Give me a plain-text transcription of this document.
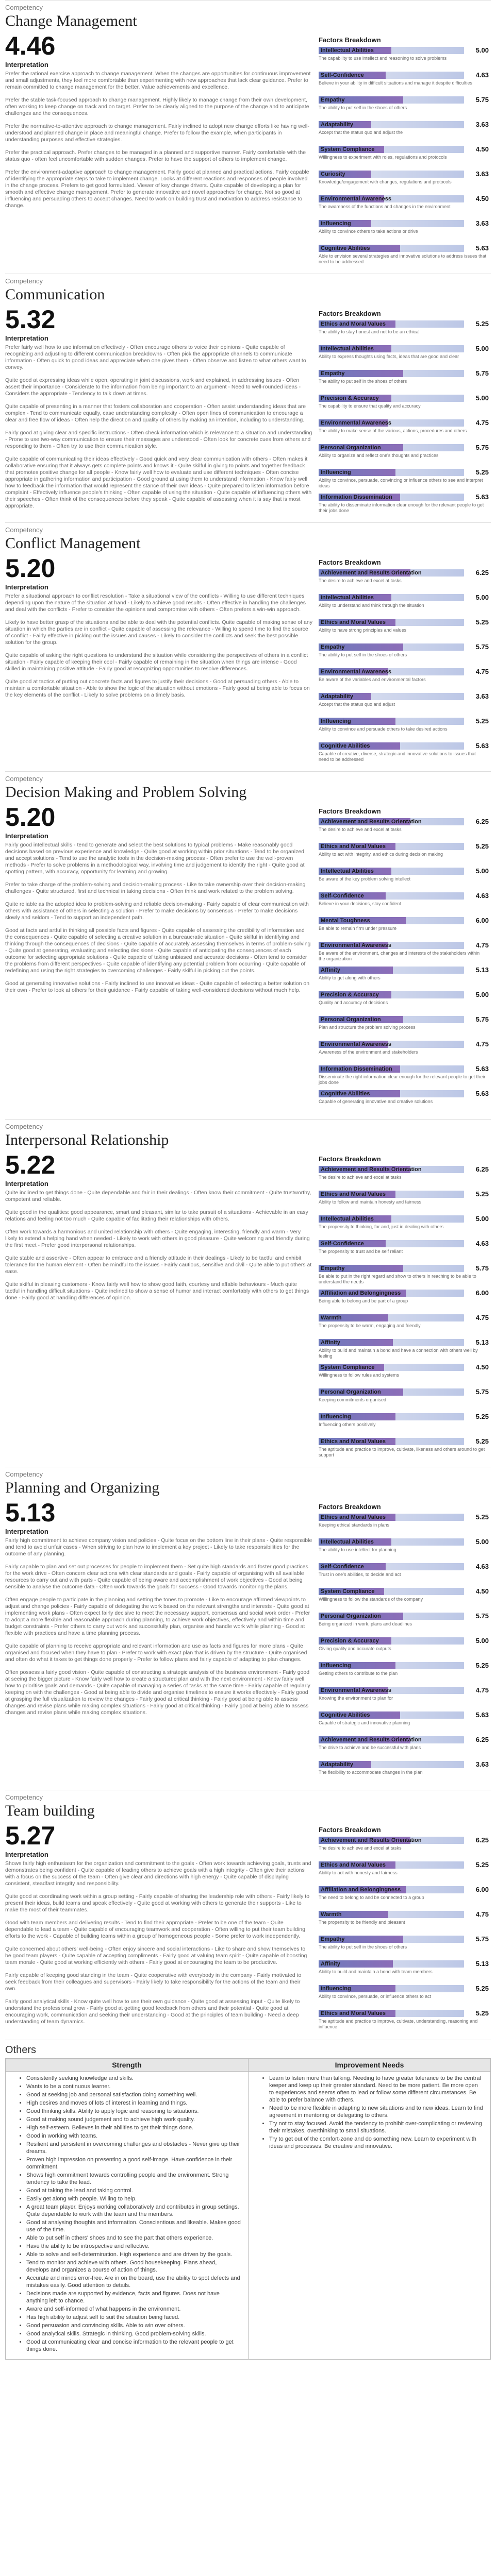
Competency
Change Management
4.46
Interpretation

Prefer the rational exercise approach to change management. When the changes are opportunities for continuous improvement and small adjustments, they feel more comfortable than experimenting with new approaches that lack clear guidance. Prefer to remain committed to change management for the better. Value achievements and excellence.

Prefer the stable task-focused approach to change management. Highly likely to manage change from their own development, often working to keep change on track and on target. Prefer to be clearly aligned to the purpose of the change and to anticipate challenges and the consequences.

Prefer the normative-to-attentive approach to change management. Fairly inclined to adopt new change efforts like having well-understood and planned change in place and meaningful change. Prefer to follow the example, when participants in understanding purposes and effective strategies.

Prefer the practical approach. Prefer changes to be managed in a planned and supportive manner. Fairly comfortable with the status quo - often feel uncomfortable with sudden changes. Prefer to have the support of others to implement change.

Prefer the environment-adaptive approach to change management. Fairly good at planned and practical actions. Fairly capable of identifying the appropriate steps to take to implement change. Looks at different reactions and responses of people involved in the change process. Prefers to get good formulated. Viewer of key change drivers. Quite capable of developing a plan for smooth and effective change management. Prefer to generate innovative and novel approaches for change. Not so good at influencing and persuading others to accept changes. Need to work on building trust and motivation to address resistance to change.

Factors Breakdown
Intellectual Abilities	5.00
The capability to use intellect and reasoning to solve problems
Self-Confidence	4.63
Believe in your ability in difficult situations and manage it despite difficulties
Empathy	5.75
The ability to put self in the shoes of others
Adaptability	3.63
Accept that the status quo and adjust the
System Compliance	4.50
Willingness to experiment with roles, regulations and protocols
Curiosity	3.63
Knowledge/engagement with changes, regulations and protocols
Environmental Awareness	4.50
The awareness of the functions and changes in the environment
Influencing	3.63
Ability to convince others to take actions or drive
Cognitive Abilities	5.63
Able to envision several strategies and innovative solutions to address issues that need to be addressed
Competency
Communication
5.32
Interpretation

Prefer fairly well how to use information effectively - Often encourage others to voice their opinions - Quite capable of recognizing and adjusting to different communication breakdowns - Often pick the appropriate channels to communicate information - Often quick to good ideas and appreciate when one gives them - Often observe and listen to what others want to convey.

Quite good at expressing ideas while open, operating in joint discussions, work and explained, in addressing issues - Often assert their importance - Considerate to the information from being important to an argument - Need to well-rounded ideas - Considers the appropriate - Tendency to talk down at times.

Quite capable of presenting in a manner that fosters collaboration and cooperation - Often assist understanding ideas that are complex - Tend to communicate equally, case understanding complexity - Often open lines of communication to encourage a clear and free flow of ideas - Often help the direction and quality of others by making an intention, including to understanding.

Fairly good at giving clear and specific instructions - Often check information which is relevance to a situation and understanding - Prone to use two-way communication to ensure their messages are understood - Often look for concrete cues from others and responding to them - Often try to use their communication style.

Quite capable of communicating their ideas effectively - Good quick and very clear communication with others - Often makes it collaborative ensuring that it always gets complete points and knows it - Quite skilful in giving to points and together feedback that promotes positive change for all people - Know fairly well how to evaluate and use different techniques - Often concise appropriate in gathering information and participation - Good ground at using them to understand information - Know fairly well how to feedback the information that would represent the stance of their own ideas - Quite prepared to listen information before complaint - Effectively influence people's thinking - Often capable of using the situation - Quite capable of influencing others with their speeches - Often think of the consequences before they speak - Quite capable of assessing when it is say that is most appropriate.

Factors Breakdown
Ethics and Moral Values	5.25
The ability to stay honest and not to be an ethical
Intellectual Abilities	5.00
Ability to express thoughts using facts, ideas that are good and clear
Empathy	5.75
The ability to put self in the shoes of others
Precision & Accuracy	5.00
The capability to ensure that quality and accuracy
Environmental Awareness	4.75
The ability to make sense of the various, actions, procedures and others
Personal Organization	5.75
Ability to organize and reflect one's thoughts and practices
Influencing	5.25
Ability to convince, persuade, convincing or influence others to see and interpret ideas
Information Dissemination	5.63
The ability to disseminate information clear enough for the relevant people to get their jobs done
Competency
Conflict Management
5.20
Interpretation

Prefer a situational approach to conflict resolution - Take a situational view of the conflicts - Willing to use different techniques depending upon the nature of the situation at hand - Likely to achieve good results - Often effective in handling the challenges and deal with the conflicts - Prefer to consider the opinions and compromise with others - Often prefers a win-win approach.

Likely to have better grasp of the situations and be able to deal with the potential conflicts. Quite capable of making sense of any situation in which the parties are in conflict - Quite capable of assessing the relevance - Willing to spend time to find the source of conflict - Fairly effective in picking out the issues and causes - Likely to consider the conflicts and seek the best possible solution for the group.

Quite capable of asking the right questions to understand the situation while considering the perspectives of others in a conflict situation - Fairly capable of keeping their cool - Fairly capable of remaining in the situation when things are intense - Good skilled in maintaining positive attitude - Fairly good at recognizing opportunities to resolve differences.

Quite good at tactics of putting out concrete facts and figures to justify their decisions - Good at persuading others - Able to maintain a comfortable situation - Able to show the logic of the situation without emotions - Fairly good at being able to focus on the key elements of the conflict - Likely to solve problems on a timely basis.

Factors Breakdown
Achievement and Results Orientation	6.25
The desire to achieve and excel at tasks
Intellectual Abilities	5.00
Ability to understand and think through the situation
Ethics and Moral Values	5.25
Ability to have strong principles and values
Empathy	5.75
The ability to put self in the shoes of others
Environmental Awareness	4.75
Be aware of the variables and environmental factors
Adaptability	3.63
Accept that the status quo and adjust
Influencing	5.25
Ability to convince and persuade others to take desired actions
Cognitive Abilities	5.63
Capable of creative, diverse, strategic and innovative solutions to issues that need to be addressed
Competency
Decision Making and Problem Solving
5.20
Interpretation

Fairly good intellectual skills - tend to generate and select the best solutions to typical problems - Make reasonably good decisions based on previous experience and knowledge - Quite good at working within prior situations - Tend to be organized and accept solutions - Tend to use the analytic tools in the decision-making process - Often prefer to use the well-proven methods - Prefer to solve problems in a methodological way, involving time and judgement to identify the right - Quite good at spotting pattern, with accuracy, opportunity for learning and growing.

Prefer to take charge of the problem-solving and decision-making process - Like to take ownership over their decision-making challenges - Quite structured, first and technical in taking decisions - Often think and work related to the problem solving.

Quite reliable as the adopted idea to problem-solving and reliable decision-making - Fairly capable of clear communication with others with assistance of others in selecting a solution - Prefer to make decisions by consensus - Prefer to make decisions slowly and seldom - Tend to support an independent path.

Good at facts and artful in thinking all possible facts and figures - Quite capable of assessing the credibility of information and the consequences - Quite capable of selecting a creative solution in a bureaucratic situation - Quite skilful in identifying and thinking through the consequences of decisions - Quite capable of accurately assessing themselves in terms of problem-solving - Quite good at generating, evaluating and selecting decisions - Quite capable of anticipating the consequences of each outcome for selecting appropriate solutions - Quite capable of taking unbiased and accurate decisions - Often tend to consider the problems from different perspectives - Quite capable of identifying any potential problem from occurring - Quite capable of redefining and using the right strategies to overcoming challenges - Fairly skilful in picking out the points.

Good at generating innovative solutions - Fairly inclined to use innovative ideas - Quite capable of selecting a better solution on their own - Prefer to look at others for their guidance - Fairly capable of taking well-considered decisions without much help.

Factors Breakdown
Achievement and Results Orientation	6.25
The desire to achieve and excel at tasks
Ethics and Moral Values	5.25
Ability to act with integrity, and ethics during decision making
Intellectual Abilities	5.00
Be aware of the key problem solving intellect
Self-Confidence	4.63
Believe in your decisions, stay confident
Mental Toughness	6.00
Be able to remain firm under pressure
Environmental Awareness	4.75
Be aware of the environment, changes and interests of the stakeholders within the organization
Affinity	5.13
Ability to get along with others
Precision & Accuracy	5.00
Quality and accuracy of decisions
Personal Organization	5.75
Plan and structure the problem solving process
Environmental Awareness	4.75
Awareness of the environment and stakeholders
Information Dissemination	5.63
Disseminate the right information clear enough for the relevant people to get their jobs done
Cognitive Abilities	5.63
Capable of generating innovative and creative solutions
Competency
Interpersonal Relationship
5.22
Interpretation

Quite inclined to get things done - Quite dependable and fair in their dealings - Often know their commitment - Quite trustworthy, competent and reliable.

Quite good in the qualities: good appearance, smart and pleasant, similar to take pursuit of a situations - Achievable in an easy relations and feeling not too much - Quite capable of facilitating their relationships with others.

Often work towards a harmonious and united relationship with others - Quite engaging, interesting, friendly and warm - Very likely to extend a helping hand when needed - Likely to work with others in good pleasure - Quite welcoming and friendly during the first meet - Prefer good interpersonal relationships.

Quite stable and assertive - Often appear to embrace and a friendly attitude in their dealings - Likely to be tactful and exhibit tolerance for the human element - Often be mindful to the issues - Fairly cautious, sensitive and civil - Quite able to put others at ease.

Quite skilful in pleasing customers - Know fairly well how to show good faith, courtesy and affable behaviours - Much quite tactful in handling difficult situations - Quite inclined to show a sense of humor and interact comfortably with others to get things done - Fairly good at handling differences of opinion.

Factors Breakdown
Achievement and Results Orientation	6.25
The desire to achieve and excel at tasks
Ethics and Moral Values	5.25
Ability to follow and maintain honesty and fairness
Intellectual Abilities	5.00
The propensity to thinking, for and, just in dealing with others
Self-Confidence	4.63
The propensity to trust and be self reliant
Empathy	5.75
Be able to put in the right regard and show to others in reaching to be able to understand the needs
Affiliation and Belongingness	6.00
Being able to belong and be part of a group
Warmth	4.75
The propensity to be warm, engaging and friendly
Affinity	5.13
Ability to build and maintain a bond and have a connection with others well by feeling
System Compliance	4.50
Willingness to follow rules and systems
Personal Organization	5.75
Keeping commitments organised
Influencing	5.25
Influencing others positively
Ethics and Moral Values	5.25
The aptitude and practice to improve, cultivate, likeness and others around to get support
Competency
Planning and Organizing
5.13
Interpretation

Fairly high commitment to achieve company vision and policies - Quite focus on the bottom line in their plans - Quite responsible and tend to avoid unfair cases - When striving to plan how to implement a key project - Likely to take responsibilities for the outcome of any planning.

Fairly capable to plan and set out processes for people to implement them - Set quite high standards and foster good practices for the work drive - Often concern clear actions with clear standards and goals - Fairly capable of organising with all available resources to carry out and with parts - Quite capable of being aware and accomplishment of work objectives - Good at being sensible to analyse the outcome data - Often work towards the goals for success - Good towards monitoring the plans.

Often engage people to participate in the planning and setting the tones to promote - Like to encourage affirmed viewpoints to adjust and change policies - Fairly capable of delegating the work based on the relevant strengths and interests - Quite good at implementing work plans - Often expect fairly decisive to meet the necessary support, consensus and social work order - Prefer to adopt a more flexible and reasonable approach during planning, to achieve work objectives, effectively and within time and budget constraints - Prefer others to carry out work and successfully plan, organise and handle work while planning - Good at flexible with practices and have a time planning process.

Quite capable of planning to receive appropriate and relevant information and use as facts and figures for more plans - Quite organised and focused when they have to plan - Prefer to work with exact plan that is driven by the structure - Quite organised and often do what it takes to get things done properly - Prefer to follow plans and fairly capable of adapting to plan changes.

Often possess a fairly good vision - Quite capable of constructing a strategic analysis of the business environment - Fairly good at seeing the bigger picture - Know fairly well how to create a structured plan and with the next environment - Know fairly well how to prioritise goals and demands - Quite capable of managing a series of tasks at the same time - Fairly capable of regularly keeping on with the challenges - Good at being able to divide and organise timelines to ensure it works effectively - Fairly good at grasping the full visualization to review the changes - Fairly good at critical thinking - Fairly good at being able to assess changes and revise plans while making complex situations - Fairly good at critical thinking - Fairly good at being able to assess changes and revise plans while making complex situations.

Factors Breakdown
Ethics and Moral Values	5.25
Keeping ethical standards in plans
Intellectual Abilities	5.00
The ability to use intellect for planning
Self-Confidence	4.63
Trust in one's abilities, to decide and act
System Compliance	4.50
Willingness to follow the standards of the company
Personal Organization	5.75
Being organized in work, plans and deadlines
Precision & Accuracy	5.00
Giving quality and accurate outputs
Influencing	5.25
Getting others to contribute to the plan
Environmental Awareness	4.75
Knowing the environment to plan for
Cognitive Abilities	5.63
Capable of strategic and innovative planning
Achievement and Results Orientation	6.25
The drive to achieve and be successful with plans
Adaptability	3.63
The flexibility to accommodate changes in the plan
Competency
Team building
5.27
Interpretation

Shows fairly high enthusiasm for the organization and commitment to the goals - Often work towards achieving goals, trusts and demonstrates being confident - Quite capable of leading others to achieve goals with a high integrity - Often give their actions with a focus on the success of the team - Often give clear and directions with high energy - Quite capable of displaying consistent, steadfast integrity and responsibility.

Quite good at coordinating work within a group setting - Fairly capable of sharing the leadership role with others - Fairly likely to present their ideas, build teams and speak effectively - Quite good at working with others to generate their supports - Like to make the most of their teammates.

Good with team members and delivering results - Tend to find their appropriate - Prefer to be one of the team - Quite dependable to lead a team - Quite capable of encouraging teamwork and cooperation - Often willing to put their team building efforts to the work - Capable of building teams within a group of homogeneous people - Some prefer to work independently.

Quite concerned about others' well-being - Often enjoy sincere and social interactions - Like to share and show themselves to be good team players - Quite capable of accepting compliments - Fairly good at valuing team spirit - Quite capable of boosting team morale - Quite good at working efficiently with others - Fairly good at encouraging the team to be productive.

Fairly capable of keeping good standing in the team - Quite cooperative with everybody in the company - Fairly motivated to seek feedback from their colleagues and supervisors - Fairly likely to take responsibility for the actions of the team and their own.

Fairly good analytical skills - Know quite well how to use their own guidance - Quite good at assessing input - Quite likely to understand the professional grow - Fairly good at getting good feedback from others and their potential - Quite good at encouraging work, communication and seeking their understanding - Good at the principles of team building - Need a deep understanding of team dynamics.

Factors Breakdown
Achievement and Results Orientation	6.25
The desire to achieve and excel at tasks
Ethics and Moral Values	5.25
Ability to act with honesty and fairness
Affiliation and Belongingness	6.00
The need to belong to and be connected to a group
Warmth	4.75
The propensity to be friendly and pleasant
Empathy	5.75
The ability to put self in the shoes of others
Affinity	5.13
Ability to build and maintain a bond with team members
Influencing	5.25
Ability to convince, persuade, or influence others to act
Ethics and Moral Values	5.25
The aptitude and practice to improve, cultivate, understanding, reasoning and influence
Others
Strength
• Consistently seeking knowledge and skills.
• Wants to be a continuous learner.
• Good at seeking job and personal satisfaction doing something well.
• High desires and moves of lots of interest in learning and things.
• Good thinking skills. Ability to apply logic and reasoning to situations.
• Good at making sound judgement and to achieve high work quality.
• High self-esteem. Believes in their abilities to get their things done.
• Good in working with teams.
• Resilient and persistent in overcoming challenges and obstacles - Never give up their dreams.
• Proven high impression on presenting a good self-image. Have confidence in their commitment.
• Shows high commitment towards controlling people and the environment. Strong tendency to take the lead.
• Good at taking the lead and taking control.
• Easily get along with people. Willing to help.
• A great team player. Enjoys working collaboratively and contributes in group settings. Quite dependable to work with the team and the members.
• Good at analysing thoughts and information. Conscientious and likeable. Makes good use of the time.
• Able to put self in others' shoes and to see the part that others experience.
• Have the ability to be introspective and reflective.
• Able to solve and self-determination. High experience and are driven by the goals.
• Tend to monitor and achieve with others. Good housekeeping. Plans ahead, develops and organizes a course of action of things.
• Accurate and minds error-free. Are in on the board, use the ability to spot defects and mistakes easily. Good attention to details.
• Decisions made are supported by evidence, facts and figures. Does not have anything left to chance.
• Aware and self-informed of what happens in the environment.
• Has high ability to adjust self to suit the situation being faced.
• Good persuasion and convincing skills. Able to win over others.
• Good analytical skills. Strategic in thinking. Good problem-solving skills.
• Good at communicating clear and concise information to the relevant people to get things done.
Improvement Needs
• Learn to listen more than talking. Needing to have greater tolerance to be the central keeper and keep up their greater standard. Need to be more patient. Be more open to experiences and seems often to lead or follow some different circumstances. Be able to prefer balance with others.
• Need to be more flexible in adapting to new situations and to new ideas. Learn to find agreement in mentoring or delegating to others.
• Try not to stay focused. Avoid the tendency to prohibit over-complicating or reviewing their mistakes, overthinking to small situations.
• Try to get out of the comfort-zone and do something new. Learn to experiment with ideas and processes. Be creative and innovative.
